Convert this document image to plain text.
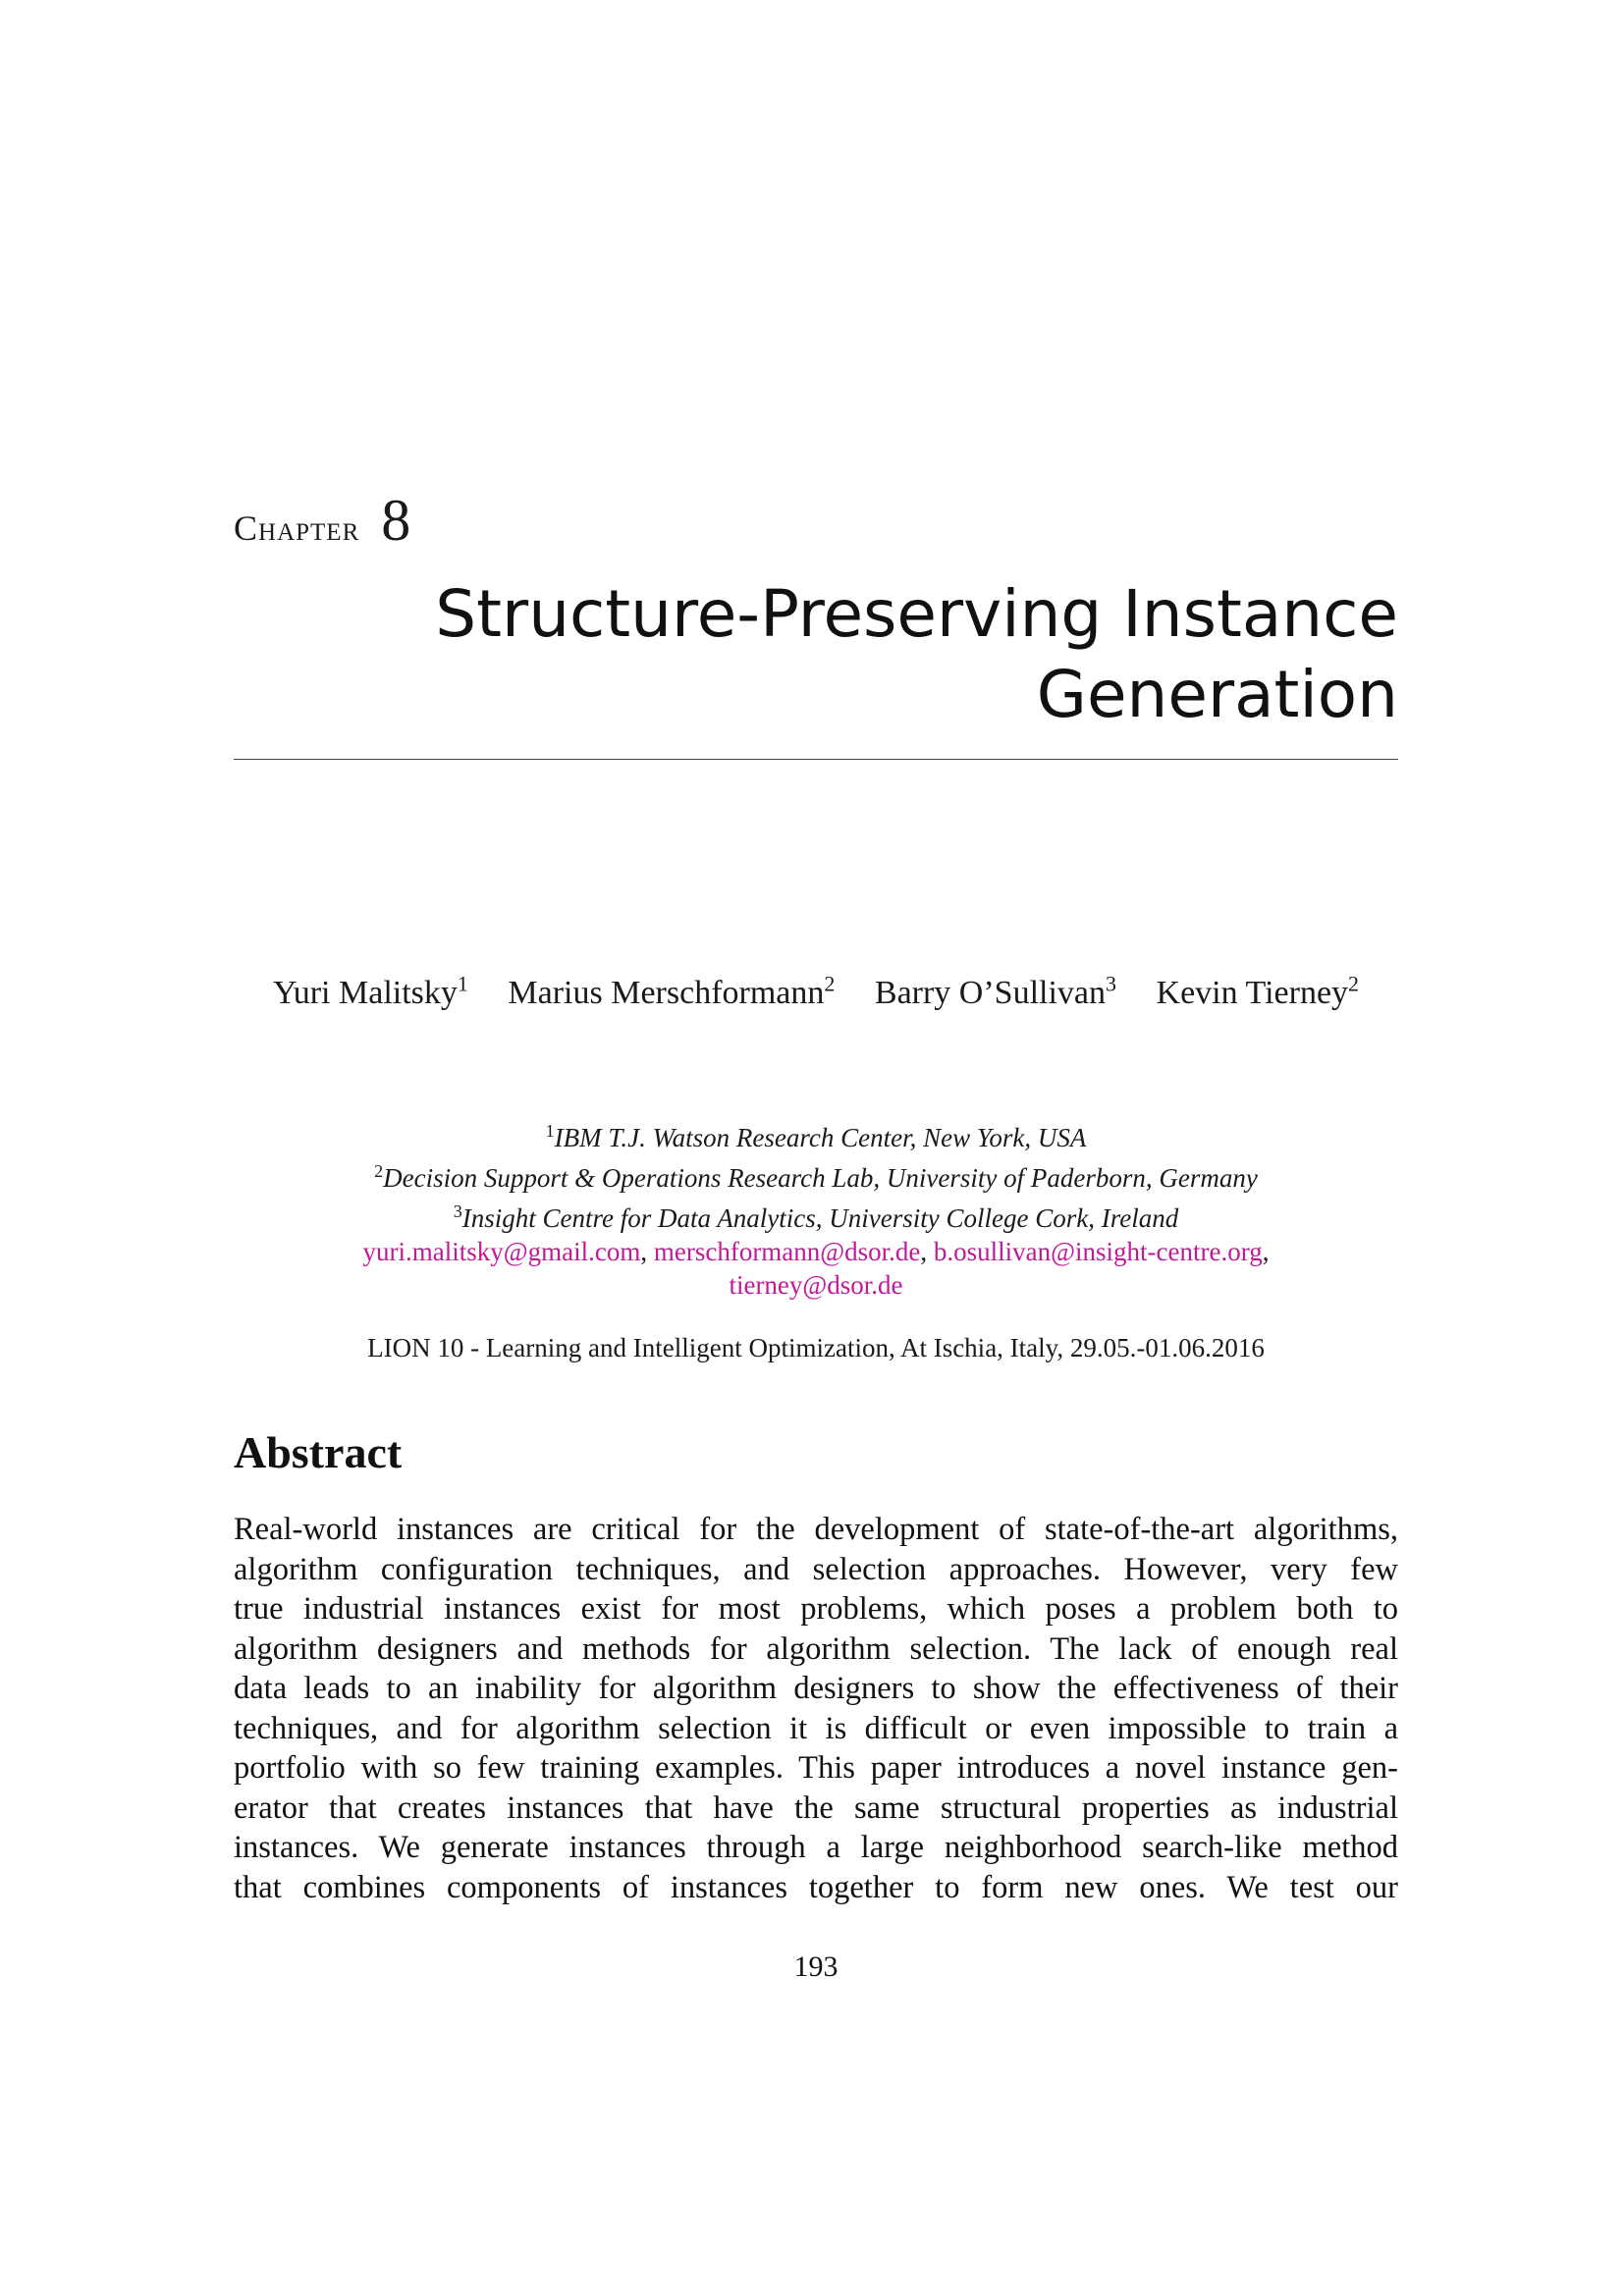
Chapter 8
Structure-Preserving Instance
Generation
Yuri Malitsky$^1$ Marius Merschformann$^2$ Barry O’Sullivan$^3$ Kevin Tierney$^2$
$^1$IBM T.J. Watson Research Center, New York, USA
$^2$Decision Support & Operations Research Lab, University of Paderborn, Germany
$^3$Insight Centre for Data Analytics, University College Cork, Ireland
yuri.malitsky@gmail.com, merschformann@dsor.de, b.osullivan@insight-centre.org,
tierney@dsor.de
LION 10 - Learning and Intelligent Optimization, At Ischia, Italy, 29.05.-01.06.2016
Abstract
Real-world instances are critical for the development of state-of-the-art algorithms,
algorithm configuration techniques, and selection approaches. However, very few
true industrial instances exist for most problems, which poses a problem both to
algorithm designers and methods for algorithm selection. The lack of enough real
data leads to an inability for algorithm designers to show the effectiveness of their
techniques, and for algorithm selection it is difficult or even impossible to train a
portfolio with so few training examples. This paper introduces a novel instance gen-
erator that creates instances that have the same structural properties as industrial
instances. We generate instances through a large neighborhood search-like method
that combines components of instances together to form new ones. We test our
193
